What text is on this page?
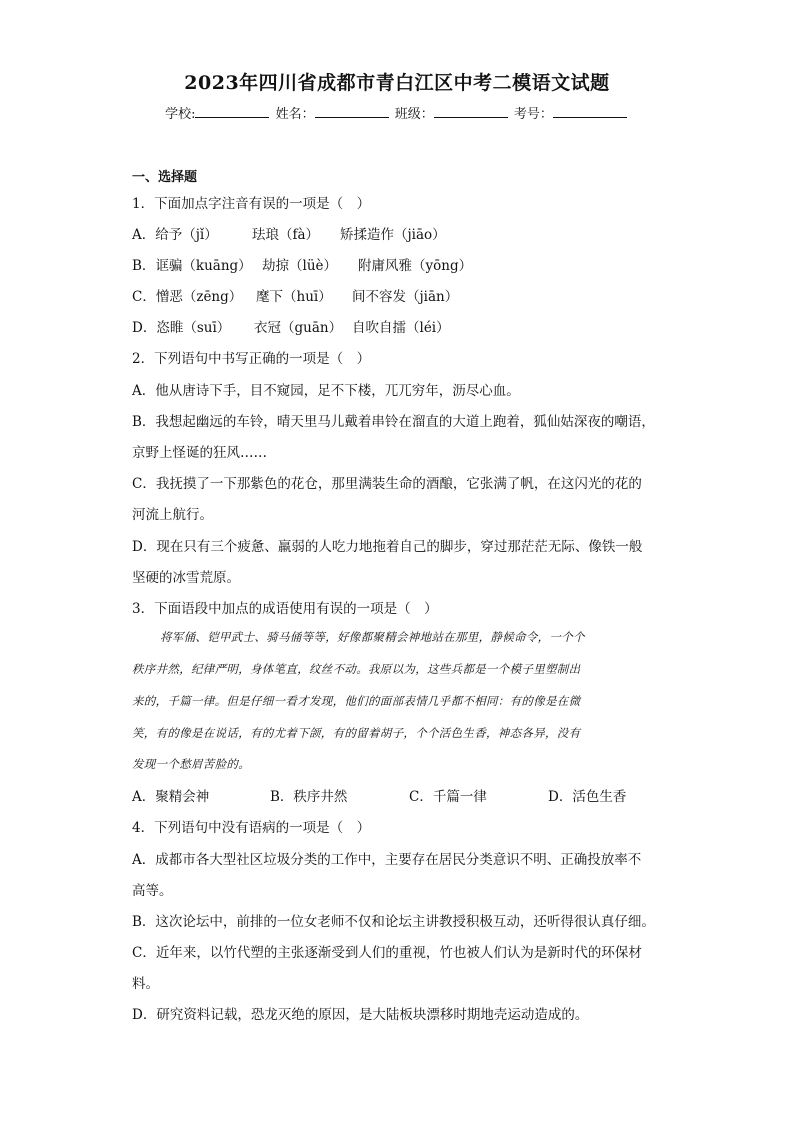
2023年四川省成都市青白江区中考二模语文试题
学校:	姓名：	班级：	考号：
一、选择题
1．下面加点字注音有误的一项是（　）
A．给予（jǐ）	珐琅（fà） 矫揉造作（jiāo）
B．诓骗（kuāng） 劫掠（lüè） 附庸风雅（yōng）
C．憎恶（zēng） 麾下（huī） 间不容发（jiān）
D．恣睢（suī） 衣冠（guān） 自吹自擂（léi）
2．下列语句中书写正确的一项是（　）
A．他从唐诗下手，目不窥园，足不下楼，兀兀穷年，沥尽心血。
B．我想起幽远的车铃，晴天里马儿戴着串铃在溜直的大道上跑着，狐仙姑深夜的嘲语，
京野上怪诞的狂风……
C．我抚摸了一下那紫色的花仓，那里满装生命的酒酿，它张满了帆，在这闪光的花的
河流上航行。
D．现在只有三个疲惫、羸弱的人吃力地拖着自己的脚步，穿过那茫茫无际、像铁一般
坚硬的冰雪荒原。
3．下面语段中加点的成语使用有误的一项是（　）
将军俑、铠甲武士、骑马俑等等，好像都聚精会神地站在那里，静候命令，一个个
秩序井然，纪律严明，身体笔直，纹丝不动。我原以为，这些兵都是一个模子里塑制出
来的，千篇一律。但是仔细一看才发现，他们的面部表情几乎都不相同：有的像是在微
笑，有的像是在说话，有的尤着下颌，有的留着胡子，个个活色生香，神态各异，没有
发现一个愁眉苦脸的。
A．聚精会神	B．秩序井然	C．千篇一律	D．活色生香
4．下列语句中没有语病的一项是（　）
A．成都市各大型社区垃圾分类的工作中，主要存在居民分类意识不明、正确投放率不
高等。
B．这次论坛中，前排的一位女老师不仅和论坛主讲教授积极互动，还听得很认真仔细。
C．近年来，以竹代塑的主张逐渐受到人们的重视，竹也被人们认为是新时代的环保材
料。
D．研究资料记载，恐龙灭绝的原因，是大陆板块漂移时期地壳运动造成的。
